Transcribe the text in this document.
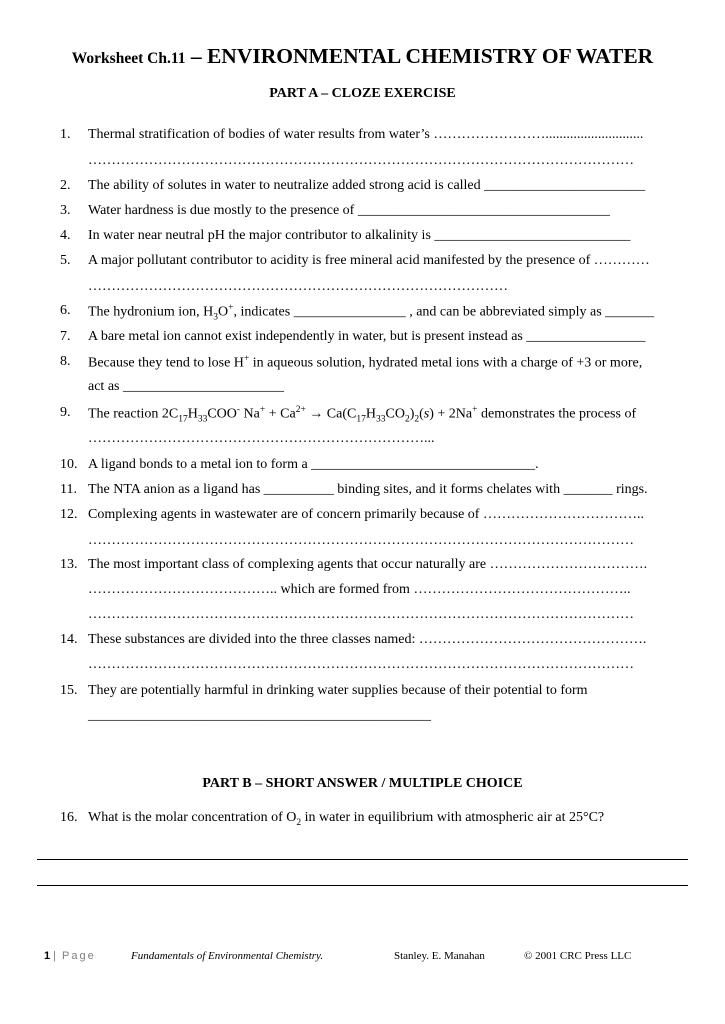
Worksheet Ch.11 – ENVIRONMENTAL CHEMISTRY OF WATER
PART A – CLOZE EXERCISE
1. Thermal stratification of bodies of water results from water’s ……………………............................
………………………………………………………………………………………………………
2. The ability of solutes in water to neutralize added strong acid is called _______________________
3. Water hardness is due mostly to the presence of ____________________________________
4. In water near neutral pH the major contributor to alkalinity is ____________________________
5. A major pollutant contributor to acidity is free mineral acid manifested by the presence of …………
………………………………………………………………………………
6. The hydronium ion, $H_3O^+$, indicates ________________ , and can be abbreviated simply as _______
7. A bare metal ion cannot exist independently in water, but is present instead as _________________
8. Because they tend to lose H+ in aqueous solution, hydrated metal ions with a charge of +3 or more,
act as _______________________
9. The reaction $2C_{17}H_{33}COO^-$ $Na^+ + Ca^{2+} \to Ca(C_{17}H_{33}CO_2)_2(s) + 2Na^+$ demonstrates the process of
………………………………………………………………...
10. A ligand bonds to a metal ion to form a ________________________________.
11. The NTA anion as a ligand has __________ binding sites, and it forms chelates with _______ rings.
12. Complexing agents in wastewater are of concern primarily because of ……………………………..
………………………………………………………………………………………………………
13. The most important class of complexing agents that occur naturally are …………………………….
………………………………….. which are formed from ………………………………………..
………………………………………………………………………………………………………
14. These substances are divided into the three classes named: ………………………………………….
………………………………………………………………………………………………………
15. They are potentially harmful in drinking water supplies because of their potential to form
_________________________________________________
PART B – SHORT ANSWER / MULTIPLE CHOICE
16. What is the molar concentration of $O_2$ in water in equilibrium with atmospheric air at 25°C?
1 | Page	Fundamentals of Environmental Chemistry.	Stanley. E. Manahan	© 2001 CRC Press LLC
